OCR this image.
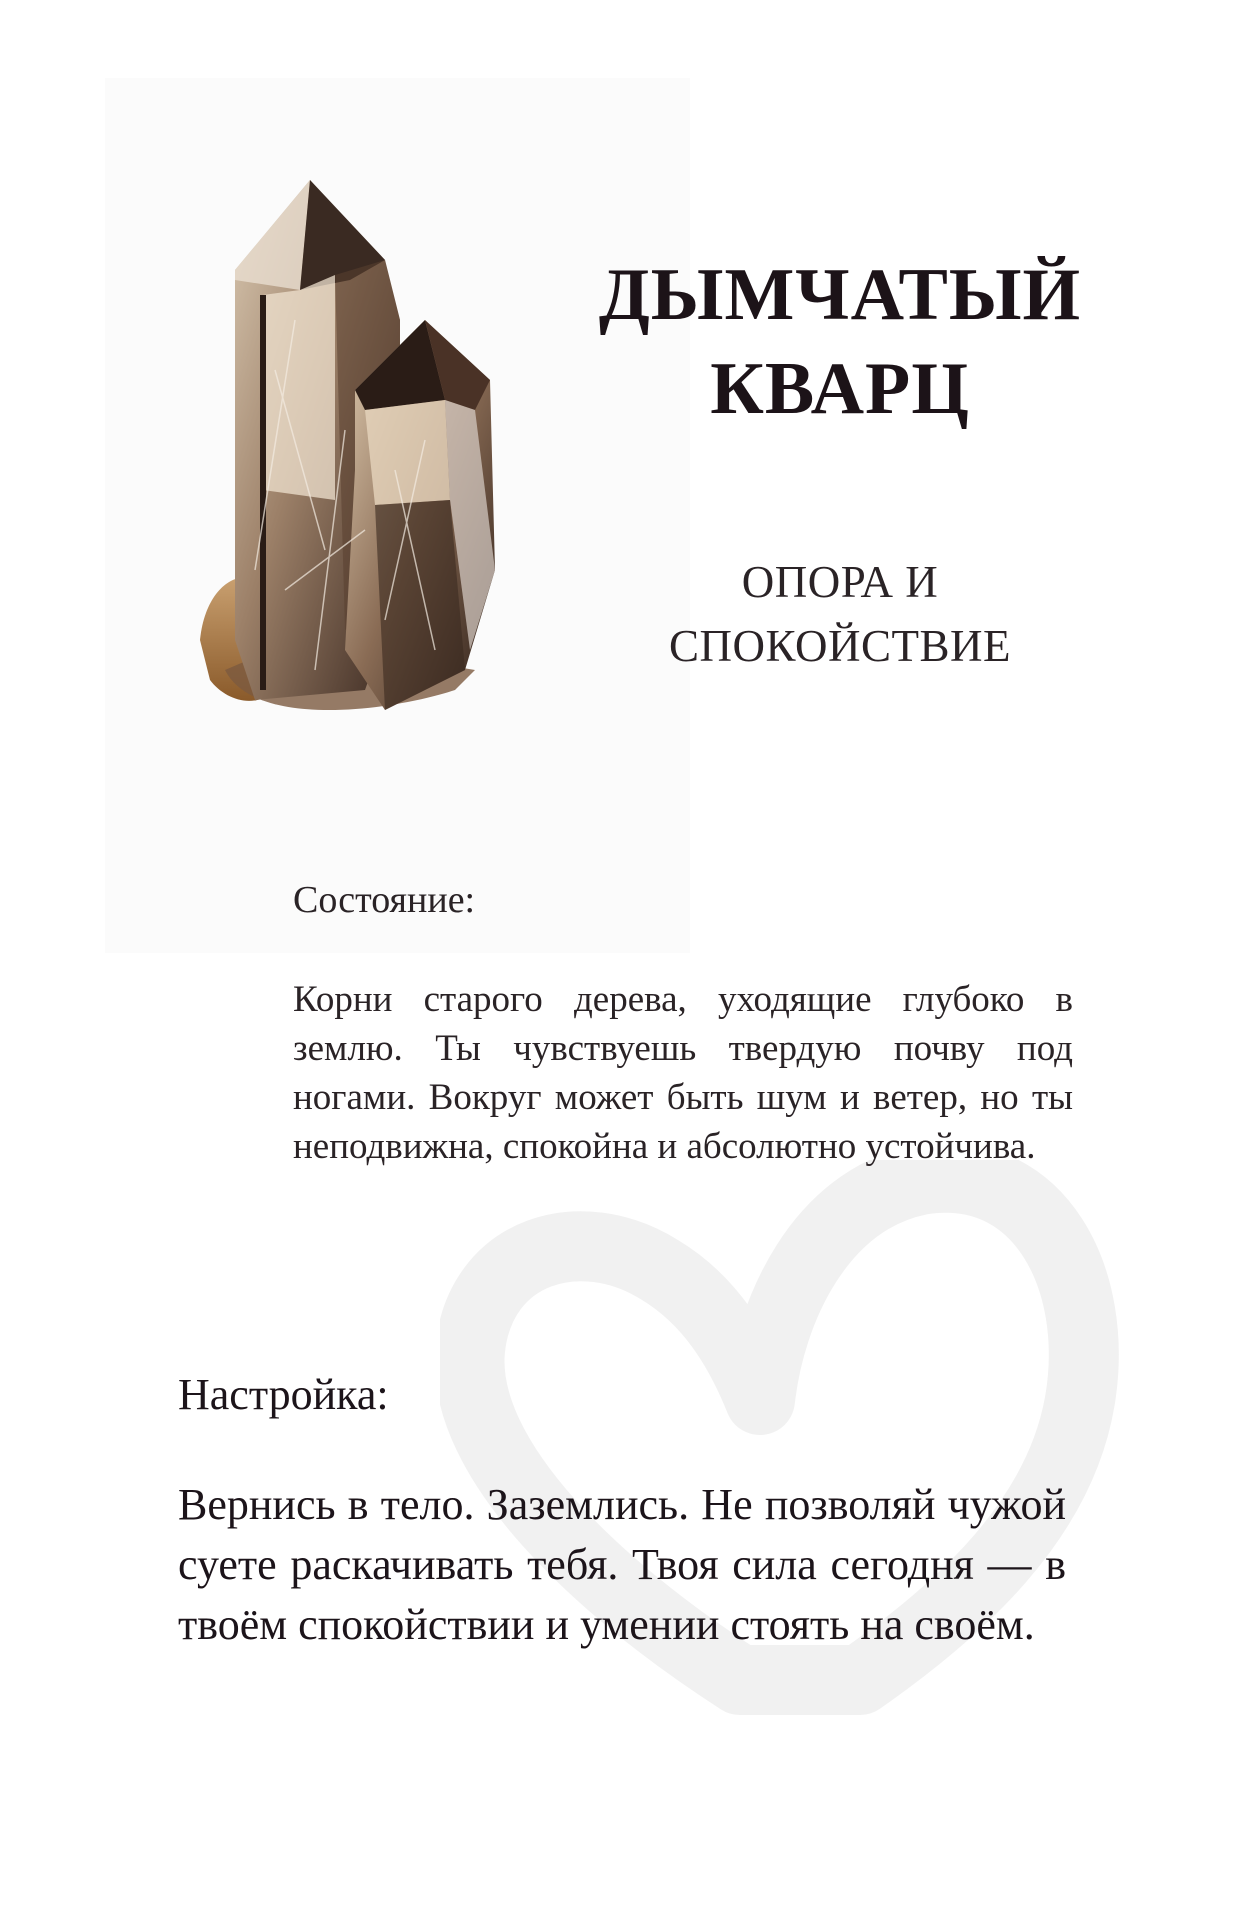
ДЫМЧАТЫЙ
КВАРЦ
ОПОРА И
СПОКОЙСТВИЕ
Состояние:
Корни старого дерева, уходящие глубоко в землю. Ты чувствуешь твердую почву под ногами. Вокруг может быть шум и ветер, но ты неподвижна, спокойна и абсолютно устойчива.
Настройка:
Вернись в тело. Заземлись. Не позволяй чужой суете раскачивать тебя. Твоя сила сегодня — в твоём спокойствии и умении стоять на своём.
